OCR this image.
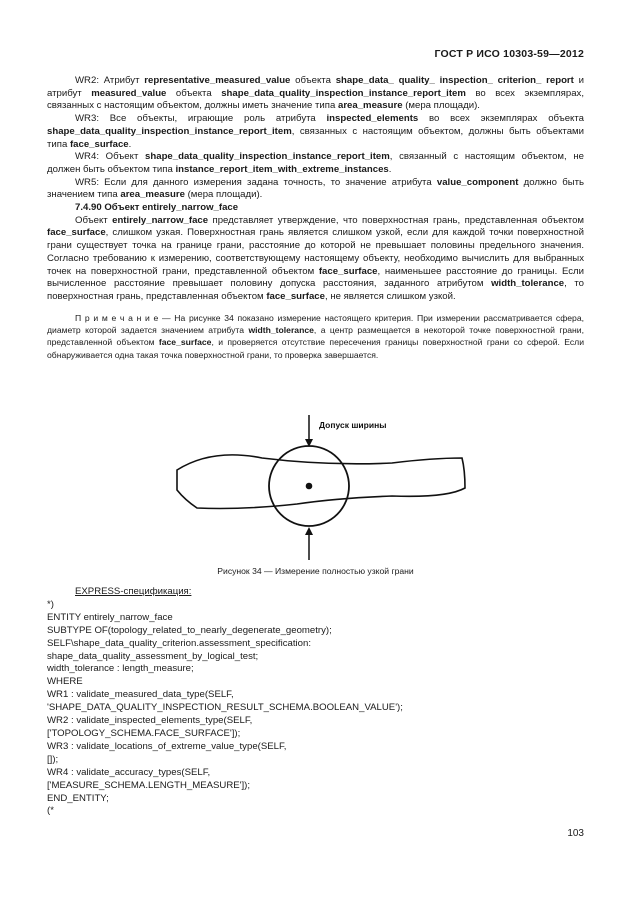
ГОСТ Р ИСО 10303-59—2012

WR2: Атрибут representative_measured_value объекта shape_data_ quality_ inspection_ criterion_ report и атрибут measured_value объекта shape_data_quality_inspection_instance_report_item во всех экземплярах, связанных с настоящим объектом, должны иметь значение типа area_measure (мера площади).

WR3: Все объекты, играющие роль атрибута inspected_elements во всех экземплярах объекта shape_data_quality_inspection_instance_report_item, связанных с настоящим объектом, должны быть объектами типа face_surface.

WR4: Объект shape_data_quality_inspection_instance_report_item, связанный с настоящим объектом, не должен быть объектом типа instance_report_item_with_extreme_instances.

WR5: Если для данного измерения задана точность, то значение атрибута value_component должно быть значением типа area_measure (мера площади).

7.4.90 Объект entirely_narrow_face

Объект entirely_narrow_face представляет утверждение, что поверхностная грань, представленная объектом face_surface, слишком узкая. Поверхностная грань является слишком узкой, если для каждой точки поверхностной грани существует точка на границе грани, расстояние до которой не превышает половины предельного значения. Согласно требованию к измерению, соответствующему настоящему объекту, необходимо вычислить для выбранных точек на поверхностной грани, представленной объектом face_surface, наименьшее расстояние до границы. Если вычисленное расстояние превышает половину допуска расстояния, заданного атрибутом width_tolerance, то поверхностная грань, представленная объектом face_surface, не является слишком узкой.

П р и м е ч а н и е — На рисунке 34 показано измерение настоящего критерия. При измерении рассматривается сфера, диаметр которой задается значением атрибута width_tolerance, а центр размещается в некоторой точке поверхностной грани, представленной объектом face_surface, и проверяется отсутствие пересечения границы поверхностной грани со сферой. Если обнаруживается одна такая точка поверхностной грани, то проверка завершается.

Допуск ширины
Рисунок 34 — Измерение полностью узкой грани
EXPRESS-спецификация:
*)
ENTITY entirely_narrow_face
SUBTYPE OF(topology_related_to_nearly_degenerate_geometry);
SELF\shape_data_quality_criterion.assessment_specification:
shape_data_quality_assessment_by_logical_test;
width_tolerance : length_measure;
WHERE
WR1 : validate_measured_data_type(SELF,
'SHAPE_DATA_QUALITY_INSPECTION_RESULT_SCHEMA.BOOLEAN_VALUE');
WR2 : validate_inspected_elements_type(SELF,
['TOPOLOGY_SCHEMA.FACE_SURFACE']);
WR3 : validate_locations_of_extreme_value_type(SELF,
[]);
WR4 : validate_accuracy_types(SELF,
['MEASURE_SCHEMA.LENGTH_MEASURE']);
END_ENTITY;
(*
103
